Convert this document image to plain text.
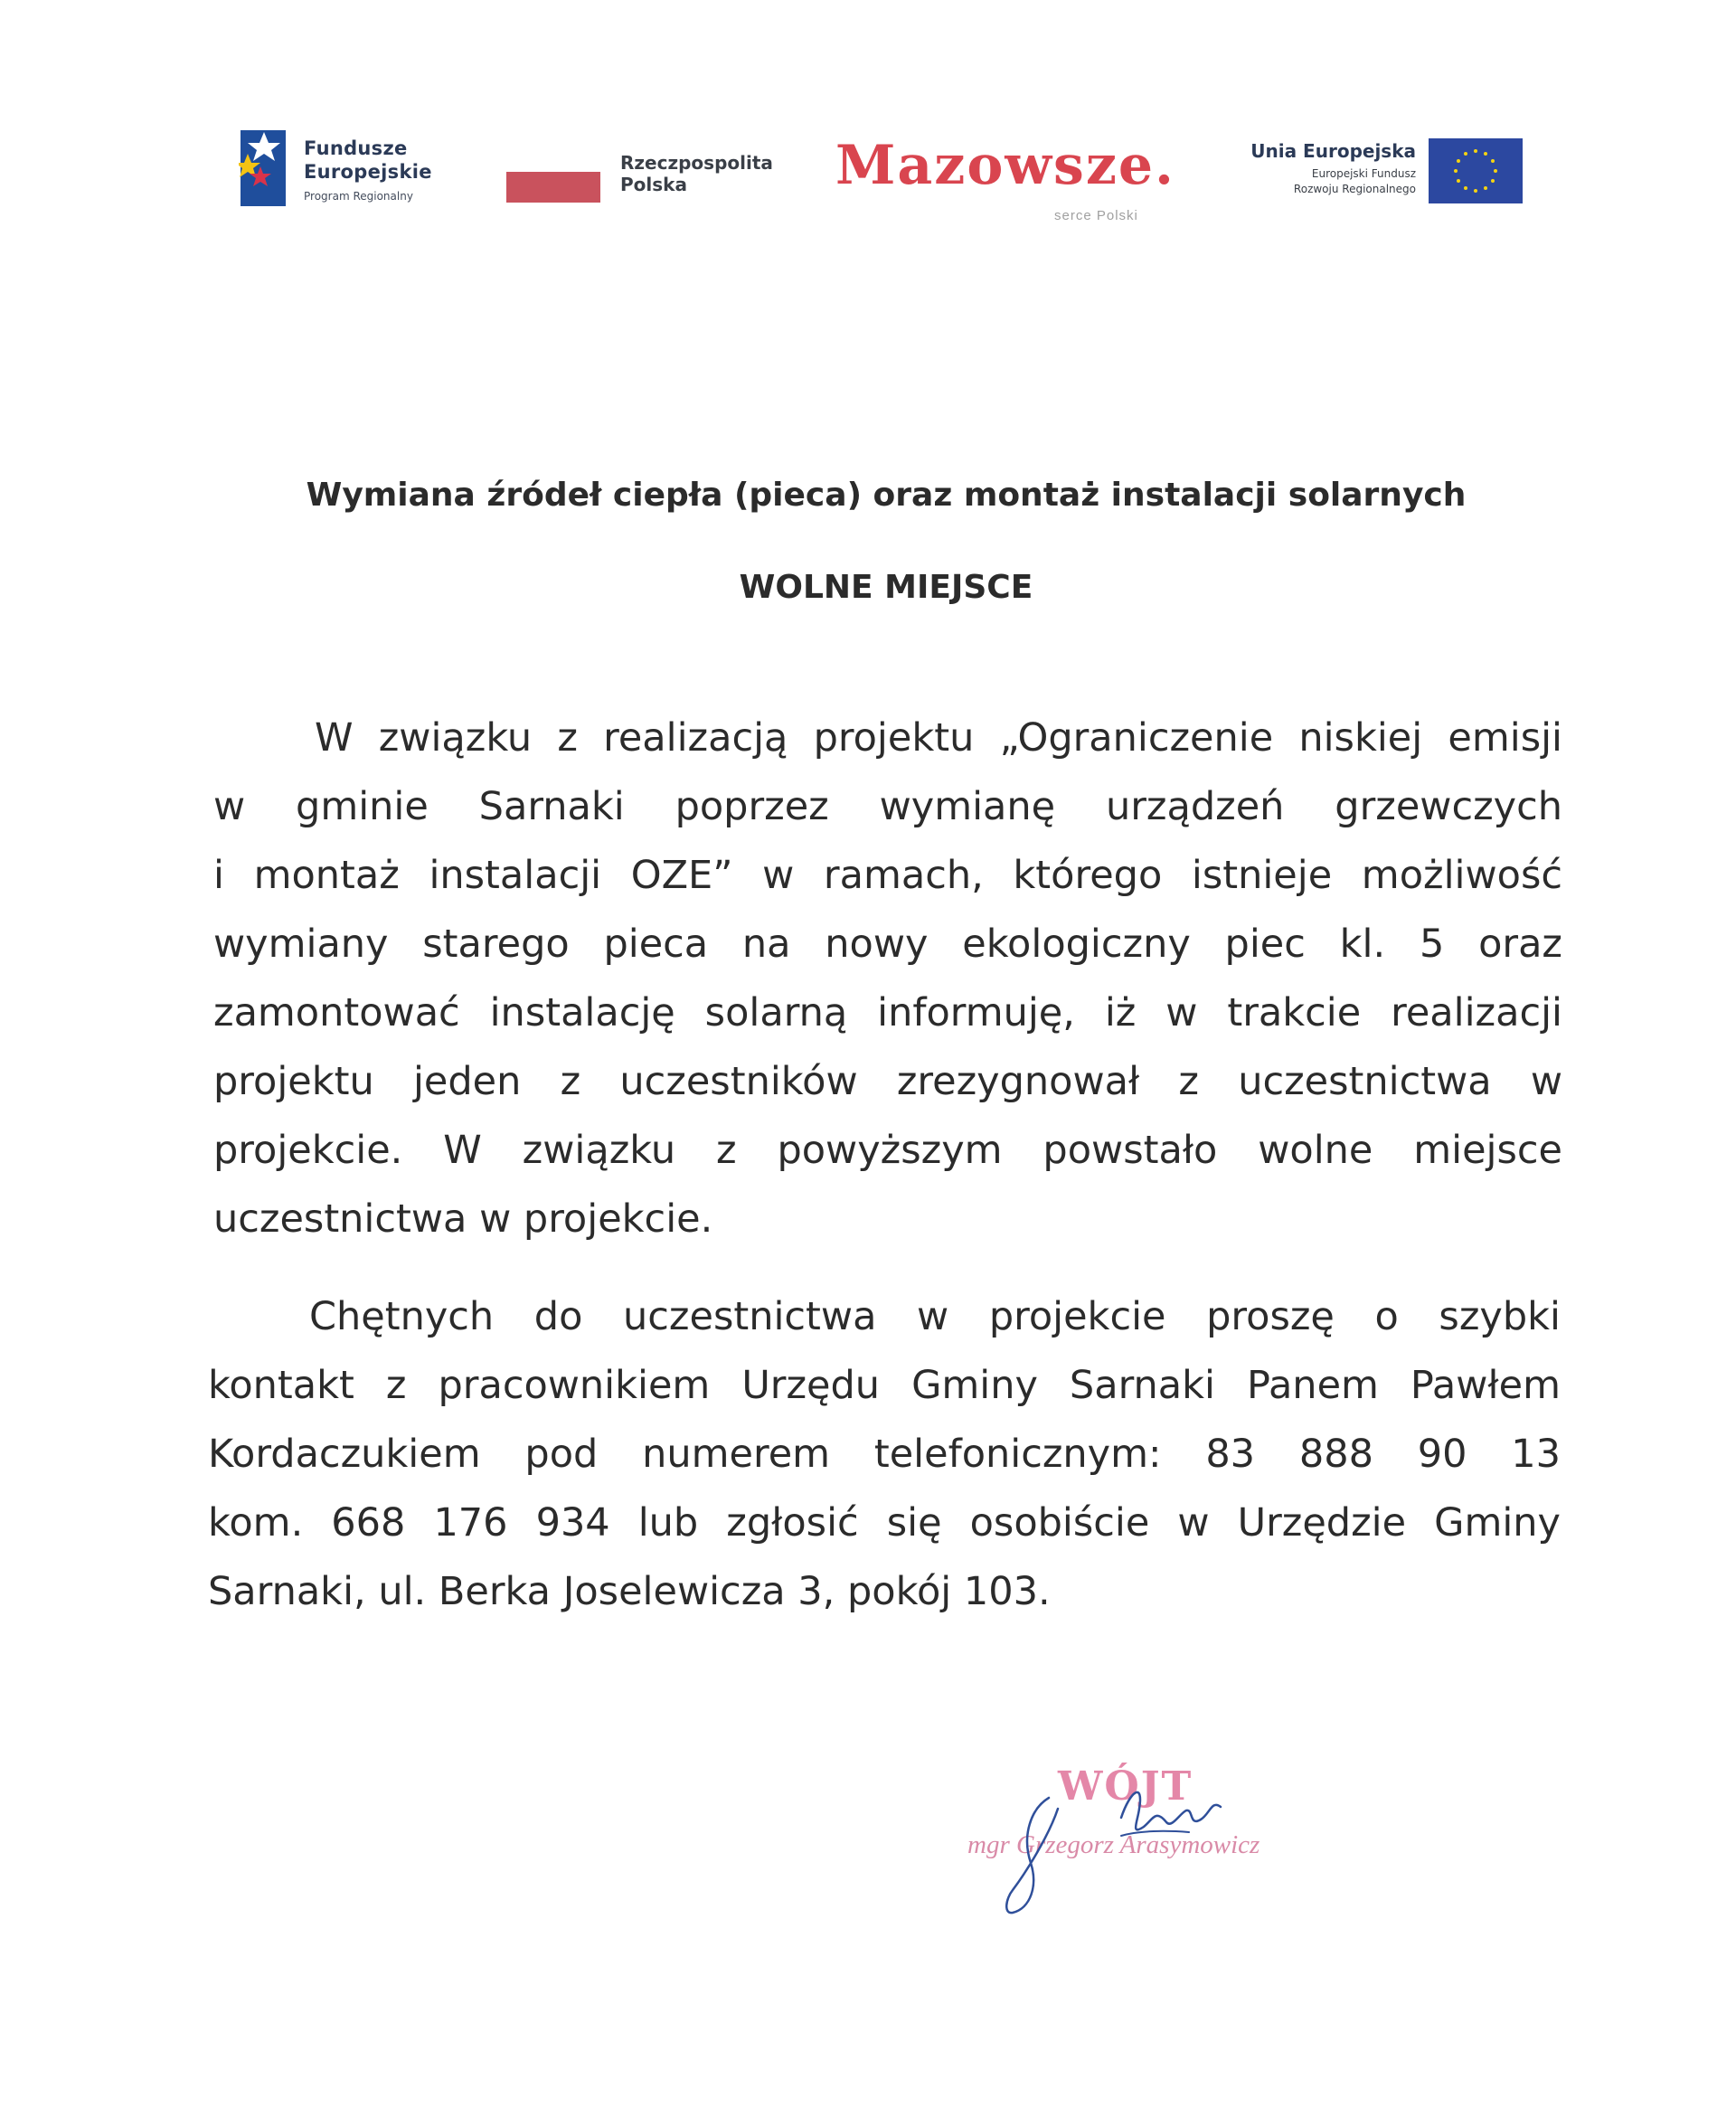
Fundusze
Europejskie
Program Regionalny
Rzeczpospolita
Polska	Mazowsze.
serce Polski
Unia Europejska
Europejski Fundusz
Rozwoju Regionalnego
Wymiana źródeł ciepła (pieca) oraz montaż instalacji solarnych
WOLNE MIEJSCE
W związku z realizacją projektu „Ograniczenie niskiej emisji
w gminie Sarnaki poprzez wymianę urządzeń grzewczych
i montaż instalacji OZE” w ramach, którego istnieje możliwość
wymiany starego pieca na nowy ekologiczny piec kl. 5 oraz
zamontować instalację solarną informuję, iż w trakcie realizacji
projektu jeden z uczestników zrezygnował z uczestnictwa w
projekcie. W związku z powyższym powstało wolne miejsce
uczestnictwa w projekcie.
Chętnych do uczestnictwa w projekcie proszę o szybki
kontakt z pracownikiem Urzędu Gminy Sarnaki Panem Pawłem
Kordaczukiem pod numerem telefonicznym: 83 888 90 13
kom. 668 176 934 lub zgłosić się osobiście w Urzędzie Gminy
Sarnaki, ul. Berka Joselewicza 3, pokój 103.
WÓJT
mgr Grzegorz Arasymowicz
